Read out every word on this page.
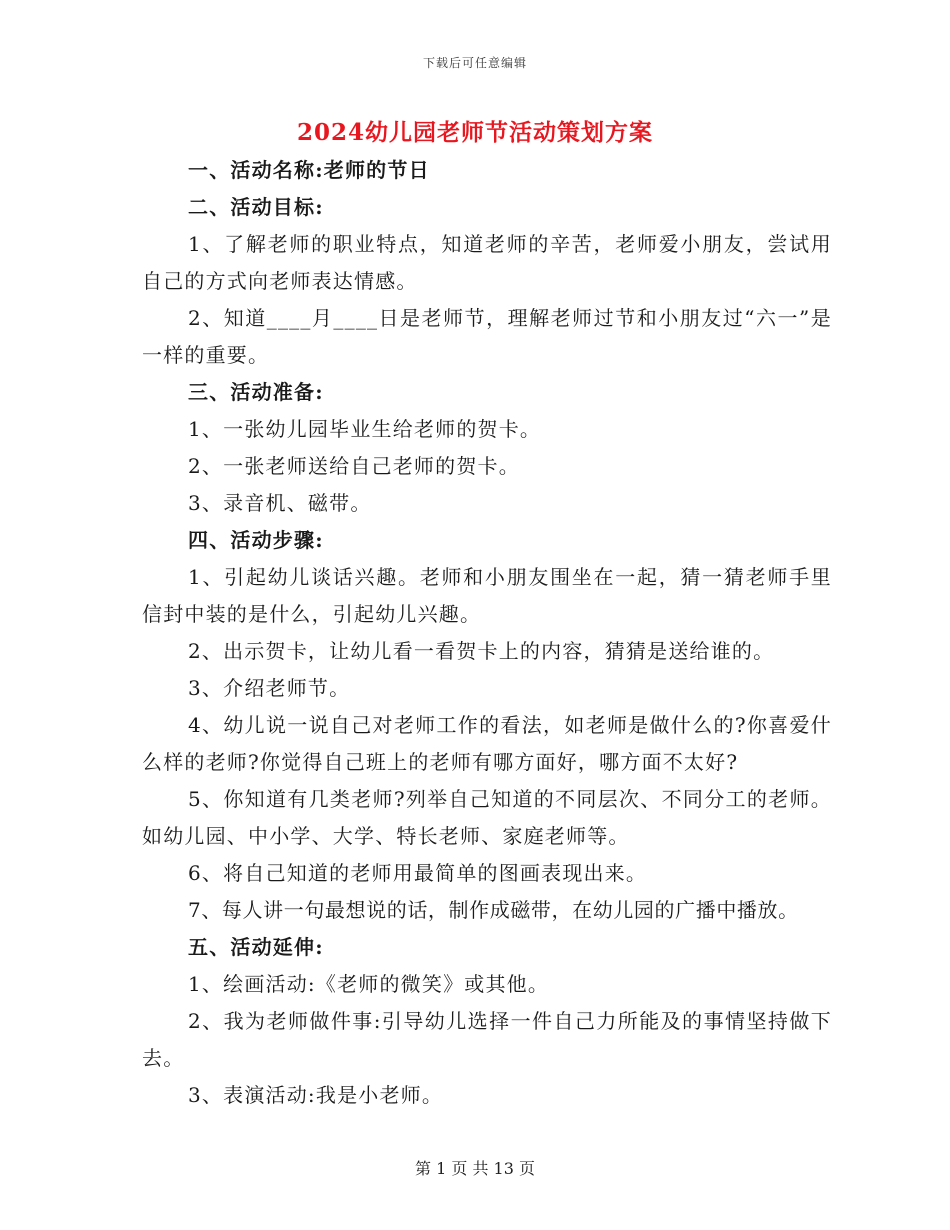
下载后可任意编辑
2024幼儿园老师节活动策划方案

一、活动名称:老师的节日

二、活动目标:

1、了解老师的职业特点，知道老师的辛苦，老师爱小朋友，尝试用自己的方式向老师表达情感。

2、知道____月____日是老师节，理解老师过节和小朋友过“六一”是一样的重要。

三、活动准备:

1、一张幼儿园毕业生给老师的贺卡。

2、一张老师送给自己老师的贺卡。

3、录音机、磁带。

四、活动步骤:

1、引起幼儿谈话兴趣。老师和小朋友围坐在一起，猜一猜老师手里信封中装的是什么，引起幼儿兴趣。

2、出示贺卡，让幼儿看一看贺卡上的内容，猜猜是送给谁的。

3、介绍老师节。

4、幼儿说一说自己对老师工作的看法，如老师是做什么的?你喜爱什么样的老师?你觉得自己班上的老师有哪方面好，哪方面不太好?

5、你知道有几类老师?列举自己知道的不同层次、不同分工的老师。如幼儿园、中小学、大学、特长老师、家庭老师等。

6、将自己知道的老师用最简单的图画表现出来。

7、每人讲一句最想说的话，制作成磁带，在幼儿园的广播中播放。

五、活动延伸:

1、绘画活动:《老师的微笑》或其他。

2、我为老师做件事:引导幼儿选择一件自己力所能及的事情坚持做下去。

3、表演活动:我是小老师。

第 1 页 共 13 页
